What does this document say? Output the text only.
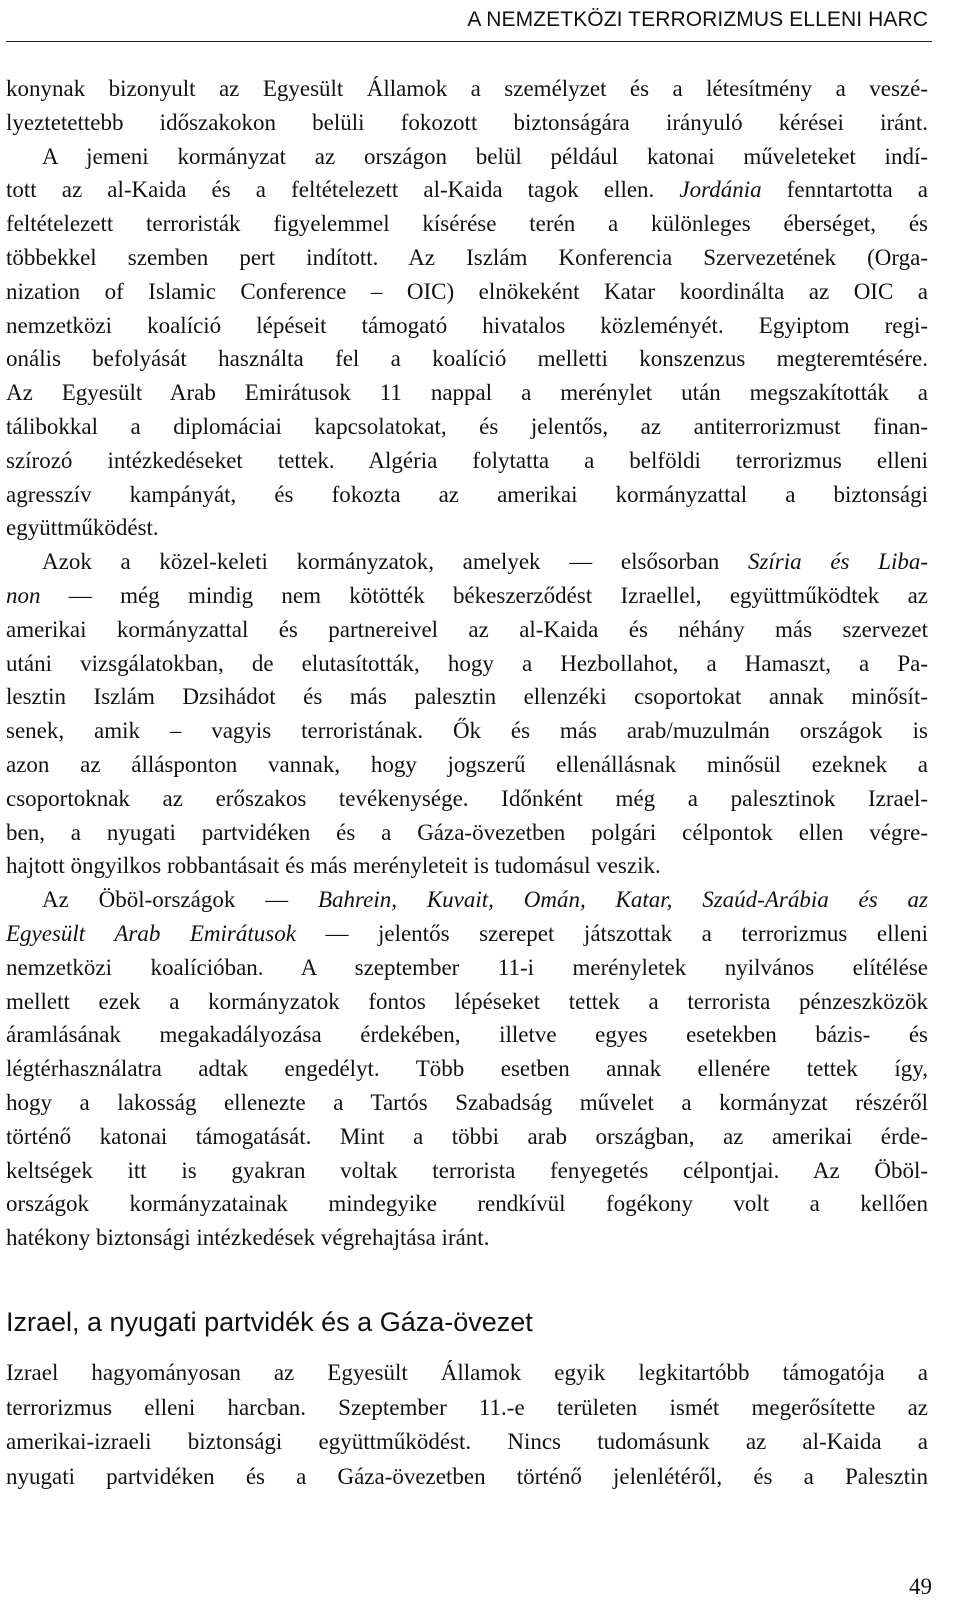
A NEMZETKÖZI TERRORIZMUS ELLENI HARC
konynak bizonyult az Egyesült Államok a személyzet és a létesítmény a veszé-
lyeztetettebb időszakokon belüli fokozott biztonságára irányuló kérései iránt.
A jemeni kormányzat az országon belül például katonai műveleteket indí-
tott az al-Kaida és a feltételezett al-Kaida tagok ellen. Jordánia fenntartotta a
feltételezett terroristák figyelemmel kísérése terén a különleges éberséget, és
többekkel szemben pert indított. Az Iszlám Konferencia Szervezetének (Orga-
nization of Islamic Conference – OIC) elnökeként Katar koordinálta az OIC a
nemzetközi koalíció lépéseit támogató hivatalos közleményét. Egyiptom regi-
onális befolyását használta fel a koalíció melletti konszenzus megteremtésére.
Az Egyesült Arab Emirátusok 11 nappal a merénylet után megszakították a
tálibokkal a diplomáciai kapcsolatokat, és jelentős, az antiterrorizmust finan-
szírozó intézkedéseket tettek. Algéria folytatta a belföldi terrorizmus elleni
agresszív kampányát, és fokozta az amerikai kormányzattal a biztonsági
együttműködést.
Azok a közel-keleti kormányzatok, amelyek — elsősorban Szíria és Liba-
non — még mindig nem kötötték békeszerződést Izraellel, együttműködtek az
amerikai kormányzattal és partnereivel az al-Kaida és néhány más szervezet
utáni vizsgálatokban, de elutasították, hogy a Hezbollahot, a Hamaszt, a Pa-
lesztin Iszlám Dzsihádot és más palesztin ellenzéki csoportokat annak minősít-
senek, amik – vagyis terroristának. Ők és más arab/muzulmán országok is
azon az állásponton vannak, hogy jogszerű ellenállásnak minősül ezeknek a
csoportoknak az erőszakos tevékenysége. Időnként még a palesztinok Izrael-
ben, a nyugati partvidéken és a Gáza-övezetben polgári célpontok ellen végre-
hajtott öngyilkos robbantásait és más merényleteit is tudomásul veszik.
Az Öböl-országok — Bahrein, Kuvait, Omán, Katar, Szaúd-Arábia és az
Egyesült Arab Emirátusok — jelentős szerepet játszottak a terrorizmus elleni
nemzetközi koalícióban. A szeptember 11-i merényletek nyilvános elítélése
mellett ezek a kormányzatok fontos lépéseket tettek a terrorista pénzeszközök
áramlásának megakadályozása érdekében, illetve egyes esetekben bázis- és
légtérhasználatra adtak engedélyt. Több esetben annak ellenére tettek így,
hogy a lakosság ellenezte a Tartós Szabadság művelet a kormányzat részéről
történő katonai támogatását. Mint a többi arab országban, az amerikai érde-
keltségek itt is gyakran voltak terrorista fenyegetés célpontjai. Az Öböl-
országok kormányzatainak mindegyike rendkívül fogékony volt a kellően
hatékony biztonsági intézkedések végrehajtása iránt.
Izrael, a nyugati partvidék és a Gáza-övezet
Izrael hagyományosan az Egyesült Államok egyik legkitartóbb támogatója a
terrorizmus elleni harcban. Szeptember 11.-e területen ismét megerősítette az
amerikai-izraeli biztonsági együttműködést. Nincs tudomásunk az al-Kaida a
nyugati partvidéken és a Gáza-övezetben történő jelenlétéről, és a Palesztin
49
